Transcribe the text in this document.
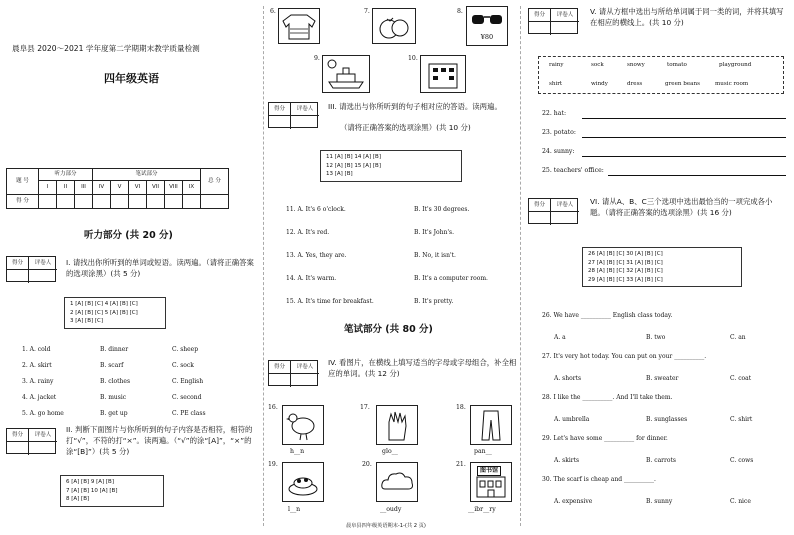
晨阜县 2020～2021 学年度第二学期期末教学质量检测
四年级英语
题 号	听力部分			笔试部分						总 分
	I	II	III	IV	V	VI	VII	VIII	IX	
得 分										
听力部分 (共 20 分)
得分	评卷人	I. 请找出你所听到的单词或短语。读两遍。（请将正确答案的选项涂黑）(共 5 分)
1 [A] [B] [C] 4 [A] [B] [C]
2 [A] [B] [C] 5 [A] [B] [C]
3 [A] [B] [C]
1. A. cold	B. dinner	C. sheep
2. A. skirt	B. scarf	C. sock
3. A. rainy	B. clothes	C. English
4. A. jacket	B. music	C. second
5. A. go home	B. get up	C. PE class
得分	评卷人
II. 判断下面图片与你所听到的句子内容是否相符，相符的打“√”，不符的打“×”。读两遍。（“√”的涂“[A]”，“×”的涂“[B]”）(共 5 分)
6 [A] [B] 9 [A] [B]
7 [A] [B] 10 [A] [B]
8 [A] [B]
6.	7.	8.
¥80
9.	10.
得分	评卷人	III. 请选出与你所听到的句子相对应的答语。读两遍。
（请将正确答案的选项涂黑）(共 10 分)
11 [A] [B] 14 [A] [B]
12 [A] [B] 15 [A] [B]
13 [A] [B]
11. A. It's 6 o'clock.	B. It's 30 degrees.
12. A. It's red.	B. It's John's.
13. A. Yes, they are.	B. No, it isn't.
14. A. It's warm.	B. It's a computer room.
15. A. It's time for breakfast.	B. It's pretty.
笔试部分 (共 80 分)
得分	评卷人	IV. 看图片，在横线上填写适当的字母或字母组合，补全相应的单词。(共 12 分)
16.
h__n
17.
glo__
18.
pan__
19.
l__n
20.
__oudy
21.
图书馆
__ibr__ry
晨阜县四年级英语期末-1-(共 2 页)
得分	评卷人	V. 请从方框中选出与所给单词属于同一类的词，并将其填写在相应的横线上。(共 10 分)
rainy	sock	snowy	tomato	playground
shirt	windy	dress	green beans	music room
22. hat:
23. potato:
24. sunny:
25. teachers' office:
得分	评卷人	VI. 请从A、B、C三个选项中选出最恰当的一项完成各小题。（请将正确答案的选项涂黑）(共 16 分)
26 [A] [B] [C] 30 [A] [B] [C]
27 [A] [B] [C] 31 [A] [B] [C]
28 [A] [B] [C] 32 [A] [B] [C]
29 [A] [B] [C] 33 [A] [B] [C]
26. We have __________ English class today.
A. a	B. two	C. an
27. It's very hot today. You can put on your __________.
A. shorts	B. sweater	C. coat
28. I like the __________. And I'll take them.
A. umbrella	B. sunglasses	C. shirt
29. Let's have some __________ for dinner.
A. skirts	B. carrots	C. cows
30. The scarf is cheap and __________.
A. expensive	B. sunny	C. nice
